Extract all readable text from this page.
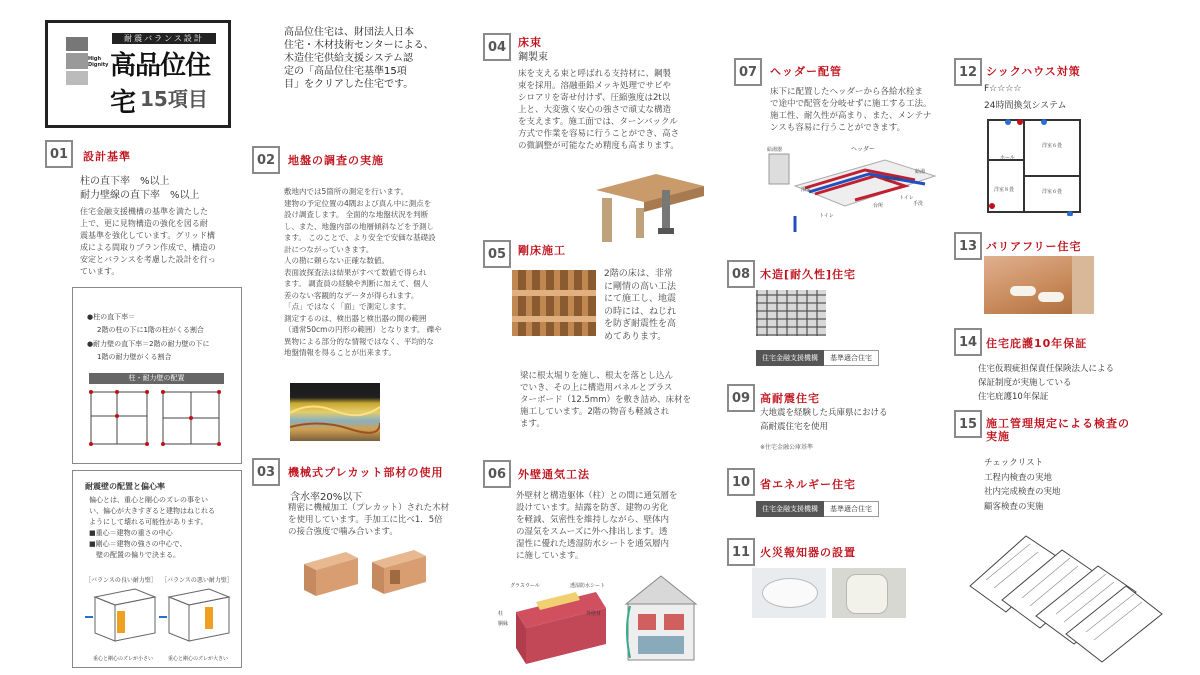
High Dignity
耐震バランス設計
高品位住宅 15項目
高品位住宅は、財団法人日本
住宅・木材技術センターによる、
木造住宅供給支援システム認
定の「高品位住宅基準15項
目」をクリアした住宅です。
01	設計基準
柱の直下率　%以上
耐力壁線の直下率　%以上
住宅金融支援機構の基準を満たした
上で、更に見物構造の強化を図る耐
震基準を強化しています。グリッド構
成による間取りプラン作成で、構造の
安定とバランスを考慮した設計を行っ
ています。
●柱の直下率＝
2階の柱の下に1階の柱がくる割合
●耐力壁の直下率＝2階の耐力壁の下に
1階の耐力壁がくる割合
柱・耐力壁の配置
耐震壁の配置と偏心率
偏心とは、重心と剛心のズレの事をい
い、偏心が大きすぎると建物はねじれる
ようにして壊れる可能性があります。
■重心＝建物の重さの中心
■剛心＝建物の強さの中心で、
　壁の配置の偏りで決まる。
［バランスの良い耐力壁］ ［バランスの悪い耐力壁］
重心と剛心のズレが小さい	重心と剛心のズレが大きい
02	地盤の調査の実施
敷地内では5箇所の測定を行います。
建物の予定位置の4隅および真ん中に測点を
設け調査します。 全面的な地盤状況を判断
し、また、地盤内部の地層傾斜などを予測し
ます。 このことで、より安全で安価な基礎設
計につながっていきます。
人の勘に頼らない正確な数値。
表面波探査法は結果がすべて数値で得られ
ます。 調査員の経験や判断に加えて、個人
差のない客観的なデータが得られます。
「点」ではなく「面」で測定します。
測定するのは、検出器と検出器の間の範囲
（通常50cmの円形の範囲）となります。 礫や
異物による部分的な情報ではなく、平均的な
地盤情報を得ることが出来ます。
03	機械式プレカット部材の使用
含水率20%以下
精密に機械加工（プレカット）された木材
を使用しています。手加工に比べ1．5倍
の接合強度で噛み合います。
04	床束
鋼製束
床を支える束と呼ばれる支持材に、鋼製
束を採用。溶融亜鉛メッキ処理でサビや
シロアリを寄せ付けず、圧縮強度は2t以
上と、大変強く安心の強さで頑丈な構造
を支えます。施工面では、ターンバックル
方式で作業を容易に行うことができ、高さ
の微調整が可能なため精度も高まります。
05	剛床施工
2階の床は、非常
に剛情の高い工法
にて施工し、地震
の時には、ねじれ
を防ぎ耐震性を高
めてあります。
梁に根太堀りを施し、根太を落とし込ん
でいき、その上に構造用パネルとプラス
ターボード（12.5mm）を敷き詰め、床材を
施工しています。2階の物音も軽減され
ます。
06	外壁通気工法
外壁材と構造躯体（柱）との間に通気層を
設けています。結露を防ぎ、建物の劣化
を軽減、気密性を維持しながら、壁体内
の湿気をスムーズに外へ排出します。透
湿性に優れた透湿防水シートを通気層内
に施しています。
グラスウール	透湿防水シート
柱
胴縁
外壁材
07	ヘッダー配管
床下に配置したヘッダーから各給水栓ま
で途中で配管を分岐せずに施工する工法。
施工性、耐久性が高まり、また、メンテナ
ンスも容易に行うことができます。
ヘッダー
浴室
洗面所
トイレ
台所
トイレ
給湯
手洗
給湯器
08 木造[耐久性]住宅
住宅金融支援機構	基準適合住宅
09 高耐震住宅
大地震を経験した兵庫県における
高耐震住宅を使用
※住宅金融公庫基準
10 省エネルギー住宅
住宅金融支援機構	基準適合住宅
11 火災報知器の設置
12 シックハウス対策
F☆☆☆☆
24時間換気システム
洋室６畳
ホール
洋室８畳	洋室６畳
13 バリアフリー住宅
14 住宅庇護10年保証
住宅仮瑕疵担保責任保険法人による
保証制度が実施している
住宅庇護10年保証
15 施工管理規定による検査の
実施
チェックリスト
工程内検査の実地
社内完成検査の実地
顧客検査の実施
